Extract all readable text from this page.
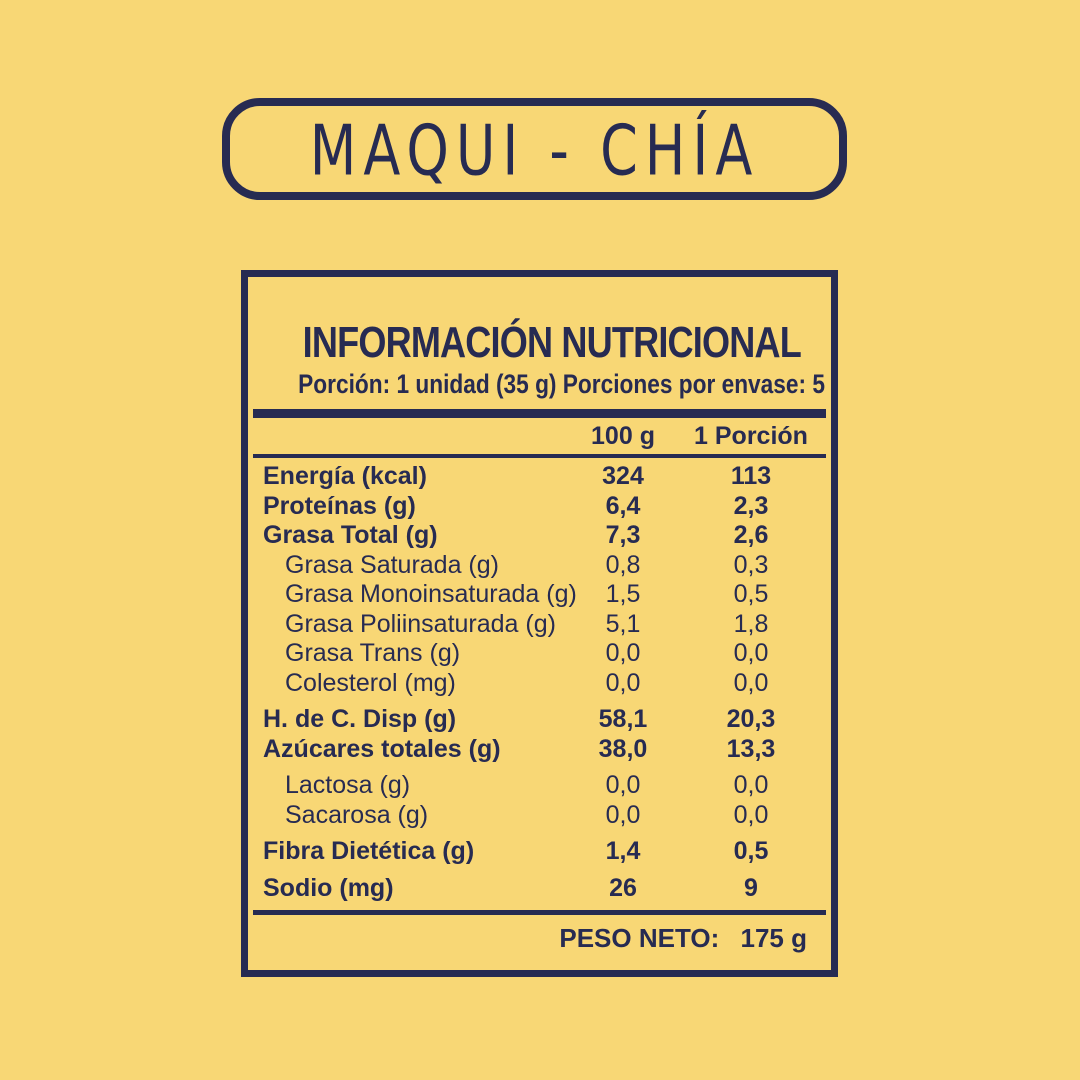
MAQUI - CHÍA
INFORMACIÓN NUTRICIONAL
Porción: 1 unidad (35 g) Porciones por envase: 5
100 g	1 Porción
Energía (kcal)	324	113
Proteínas (g)	6,4	2,3
Grasa Total (g)	7,3	2,6
Grasa Saturada (g)	0,8	0,3
Grasa Monoinsaturada (g)	1,5	0,5
Grasa Poliinsaturada (g)	5,1	1,8
Grasa Trans (g)	0,0	0,0
Colesterol (mg)	0,0	0,0
H. de C. Disp (g)	58,1	20,3
Azúcares totales (g)	38,0	13,3
Lactosa (g)	0,0	0,0
Sacarosa (g)	0,0	0,0
Fibra Dietética (g)	1,4	0,5
Sodio (mg)	26	9
PESO NETO: 175 g
